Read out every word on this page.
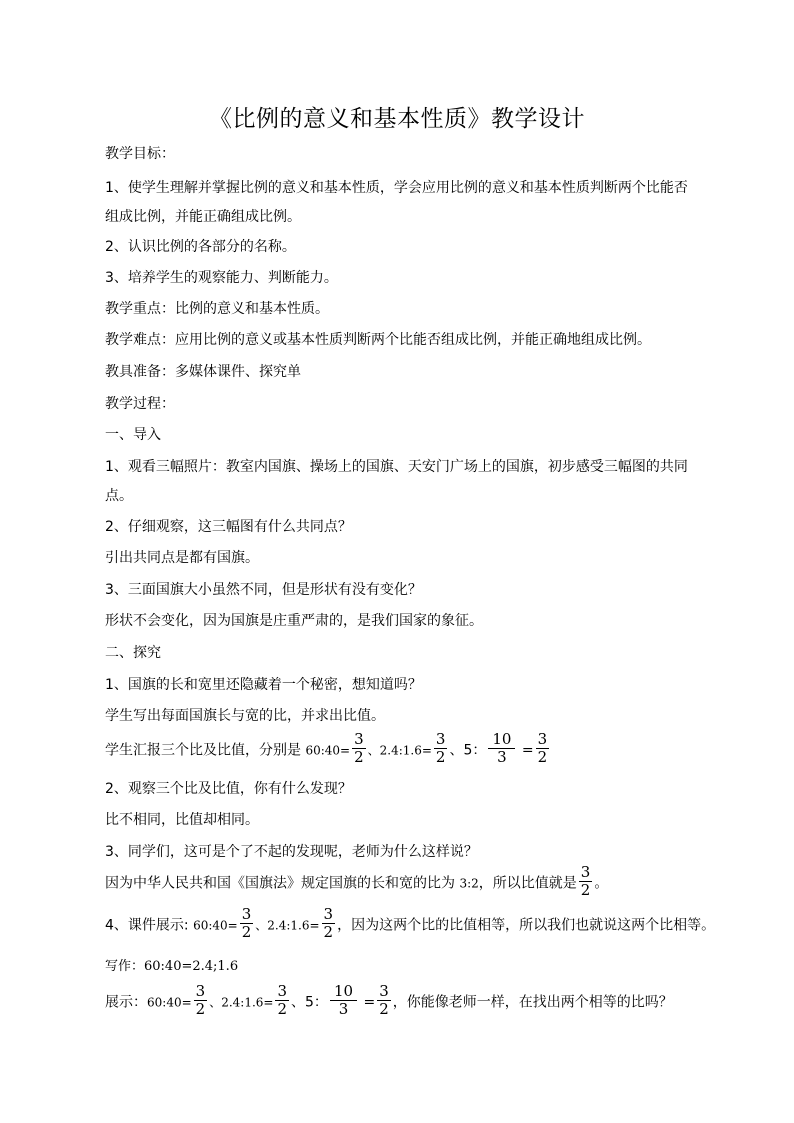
《比例的意义和基本性质》教学设计
教学目标：
1、使学生理解并掌握比例的意义和基本性质，学会应用比例的意义和基本性质判断两个比能否
组成比例，并能正确组成比例。
2、认识比例的各部分的名称。
3、培养学生的观察能力、判断能力。
教学重点：比例的意义和基本性质。
教学难点：应用比例的意义或基本性质判断两个比能否组成比例，并能正确地组成比例。
教具准备：多媒体课件、探究单
教学过程：
一、导入
1、观看三幅照片：教室内国旗、操场上的国旗、天安门广场上的国旗，初步感受三幅图的共同
点。
2、仔细观察，这三幅图有什么共同点？
引出共同点是都有国旗。
3、三面国旗大小虽然不同，但是形状有没有变化？
形状不会变化，因为国旗是庄重严肃的，是我们国家的象征。
二、探究
1、国旗的长和宽里还隐藏着一个秘密，想知道吗？
学生写出每面国旗长与宽的比，并求出比值。
学生汇报三个比及比值，分别是 60:40= $\frac{3}{2}$ 、2.4:1.6= $\frac{3}{2}$ 、5： $\frac{10}{3} = \frac{3}{2}$
2、观察三个比及比值，你有什么发现？
比不相同，比值却相同。
3、同学们，这可是个了不起的发现呢，老师为什么这样说？
因为中华人民共和国《国旗法》规定国旗的长和宽的比为 3:2，所以比值就是 $\frac{3}{2}$ 。
4、课件展示: 60:40= $\frac{3}{2}$ 、2.4:1.6= $\frac{3}{2}$ ，因为这两个比的比值相等，所以我们也就说这两个比相等。
写作：60:40=2.4;1.6
展示：60:40= $\frac{3}{2}$ 、2.4:1.6= $\frac{3}{2}$ 、5： $\frac{10}{3} = \frac{3}{2}$ ，你能像老师一样，在找出两个相等的比吗？
